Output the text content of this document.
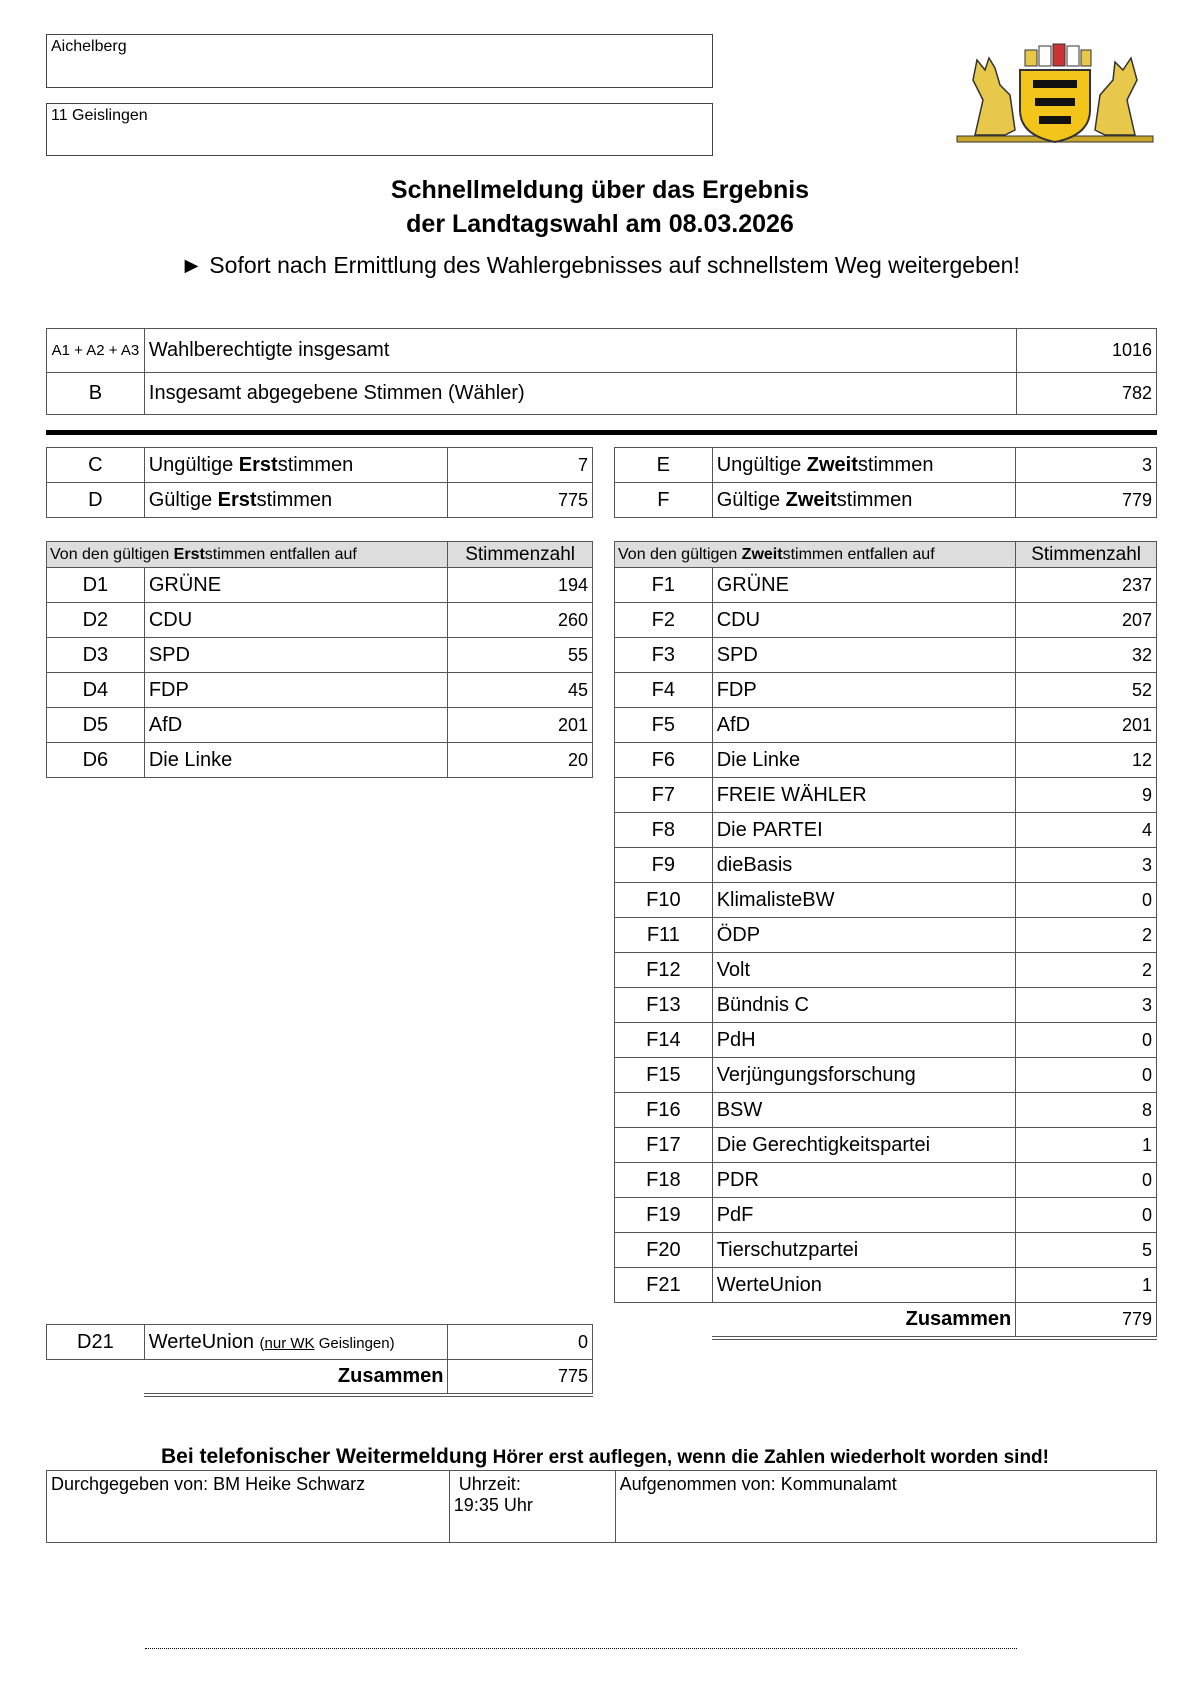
Aichelberg
11 Geislingen
Schnellmeldung über das Ergebnis
der Landtagswahl am 08.03.2026
► Sofort nach Ermittlung des Wahlergebnisses auf schnellstem Weg weitergeben!
A1 + A2 + A3	Wahlberechtigte insgesamt	1016
B	Insgesamt abgegebene Stimmen (Wähler)	782
C	Ungültige Erststimmen	7
D	Gültige Erststimmen	775
E	Ungültige Zweitstimmen	3
F	Gültige Zweitstimmen	779
Von den gültigen Erststimmen entfallen auf		Stimmenzahl
D1	GRÜNE	194
D2	CDU	260
D3	SPD	55
D4	FDP	45
D5	AfD	201
D6	Die Linke	20
D21	WerteUnion (nur WK Geislingen)	0
	Zusammen	775
Von den gültigen Zweitstimmen entfallen auf		Stimmenzahl
F1	GRÜNE	237
F2	CDU	207
F3	SPD	32
F4	FDP	52
F5	AfD	201
F6	Die Linke	12
F7	FREIE WÄHLER	9
F8	Die PARTEI	4
F9	dieBasis	3
F10	KlimalisteBW	0
F11	ÖDP	2
F12	Volt	2
F13	Bündnis C	3
F14	PdH	0
F15	Verjüngungsforschung	0
F16	BSW	8
F17	Die Gerechtigkeitspartei	1
F18	PDR	0
F19	PdF	0
F20	Tierschutzpartei	5
F21	WerteUnion	1
	Zusammen	779
Bei telefonischer Weitermeldung Hörer erst auflegen, wenn die Zahlen wiederholt worden sind!
Durchgegeben von: BM Heike Schwarz	Uhrzeit:
19:35 Uhr
	Aufgenommen von: Kommunalamt
